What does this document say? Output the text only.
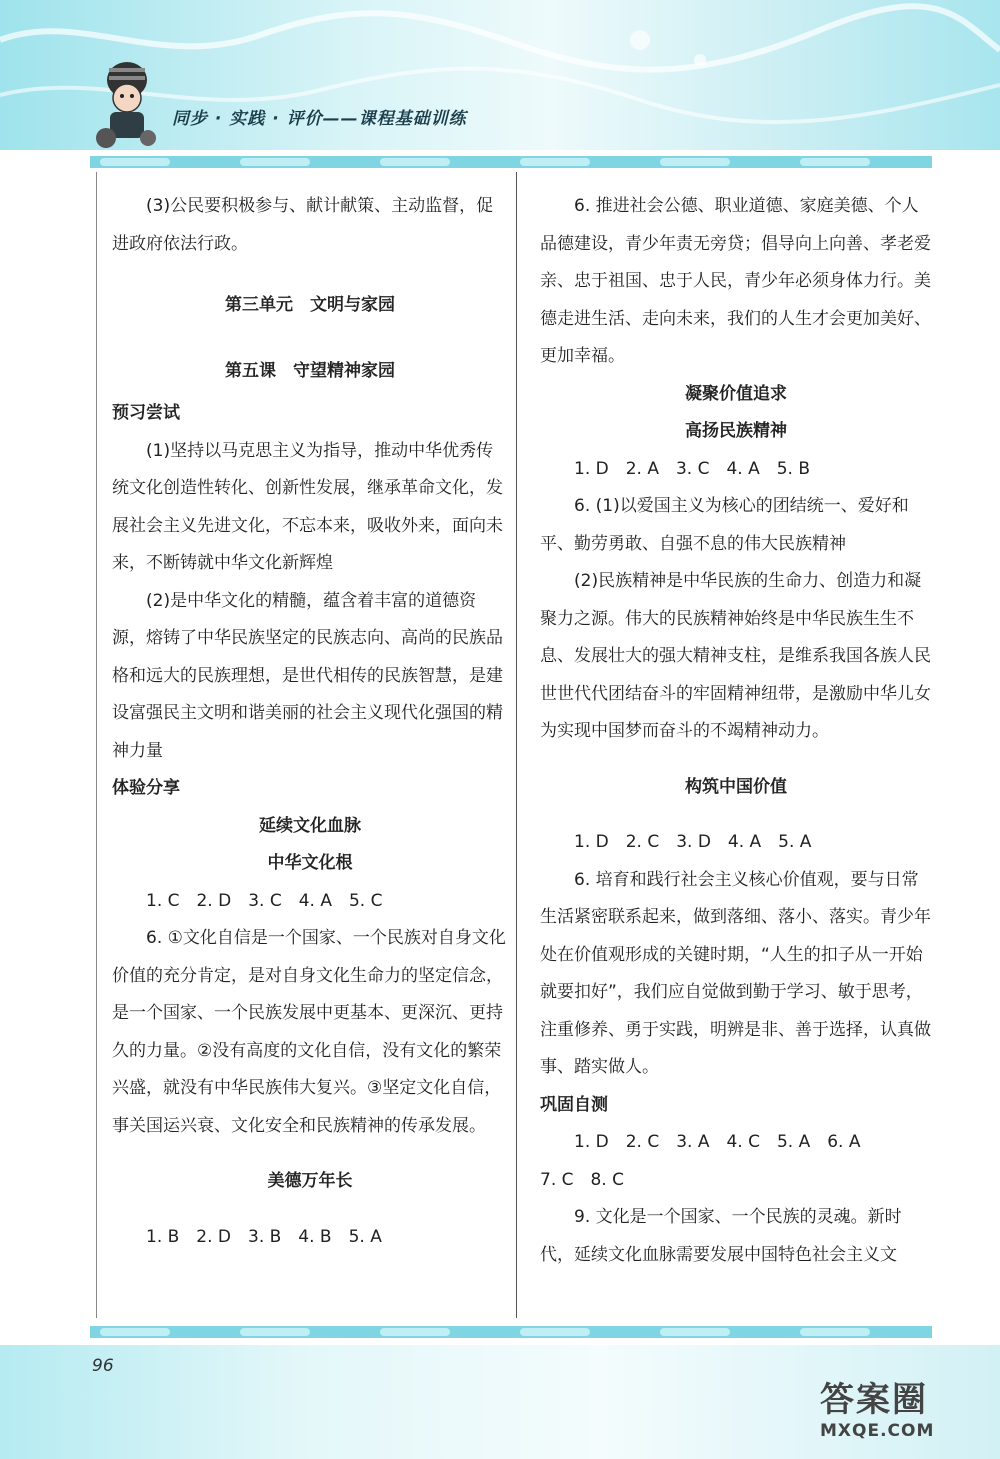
同步 · 实践 · 评价——课程基础训练

(3)公民要积极参与、献计献策、主动监督，促进政府依法行政。

第三单元　文明与家园

第五课　守望精神家园

预习尝试

(1)坚持以马克思主义为指导，推动中华优秀传统文化创造性转化、创新性发展，继承革命文化，发展社会主义先进文化，不忘本来，吸收外来，面向未来，不断铸就中华文化新辉煌

(2)是中华文化的精髓，蕴含着丰富的道德资源，熔铸了中华民族坚定的民族志向、高尚的民族品格和远大的民族理想，是世代相传的民族智慧，是建设富强民主文明和谐美丽的社会主义现代化强国的精神力量

体验分享

延续文化血脉

中华文化根

1. C　2. D　3. C　4. A　5. C

6. ①文化自信是一个国家、一个民族对自身文化价值的充分肯定，是对自身文化生命力的坚定信念，是一个国家、一个民族发展中更基本、更深沉、更持久的力量。②没有高度的文化自信，没有文化的繁荣兴盛，就没有中华民族伟大复兴。③坚定文化自信，事关国运兴衰、文化安全和民族精神的传承发展。

美德万年长

1. B　2. D　3. B　4. B　5. A

6. 推进社会公德、职业道德、家庭美德、个人品德建设，青少年责无旁贷；倡导向上向善、孝老爱亲、忠于祖国、忠于人民，青少年必须身体力行。美德走进生活、走向未来，我们的人生才会更加美好、更加幸福。

凝聚价值追求

高扬民族精神

1. D　2. A　3. C　4. A　5. B

6. (1)以爱国主义为核心的团结统一、爱好和平、勤劳勇敢、自强不息的伟大民族精神

(2)民族精神是中华民族的生命力、创造力和凝聚力之源。伟大的民族精神始终是中华民族生生不息、发展壮大的强大精神支柱，是维系我国各族人民世世代代团结奋斗的牢固精神纽带，是激励中华儿女为实现中国梦而奋斗的不竭精神动力。

构筑中国价值

1. D　2. C　3. D　4. A　5. A

6. 培育和践行社会主义核心价值观，要与日常生活紧密联系起来，做到落细、落小、落实。青少年处在价值观形成的关键时期，“人生的扣子从一开始就要扣好”，我们应自觉做到勤于学习、敏于思考，注重修养、勇于实践，明辨是非、善于选择，认真做事、踏实做人。

巩固自测

1. D　2. C　3. A　4. C　5. A　6. A

7. C　8. C

9. 文化是一个国家、一个民族的灵魂。新时代，延续文化血脉需要发展中国特色社会主义文

96
答案圈
MXQE.COM
